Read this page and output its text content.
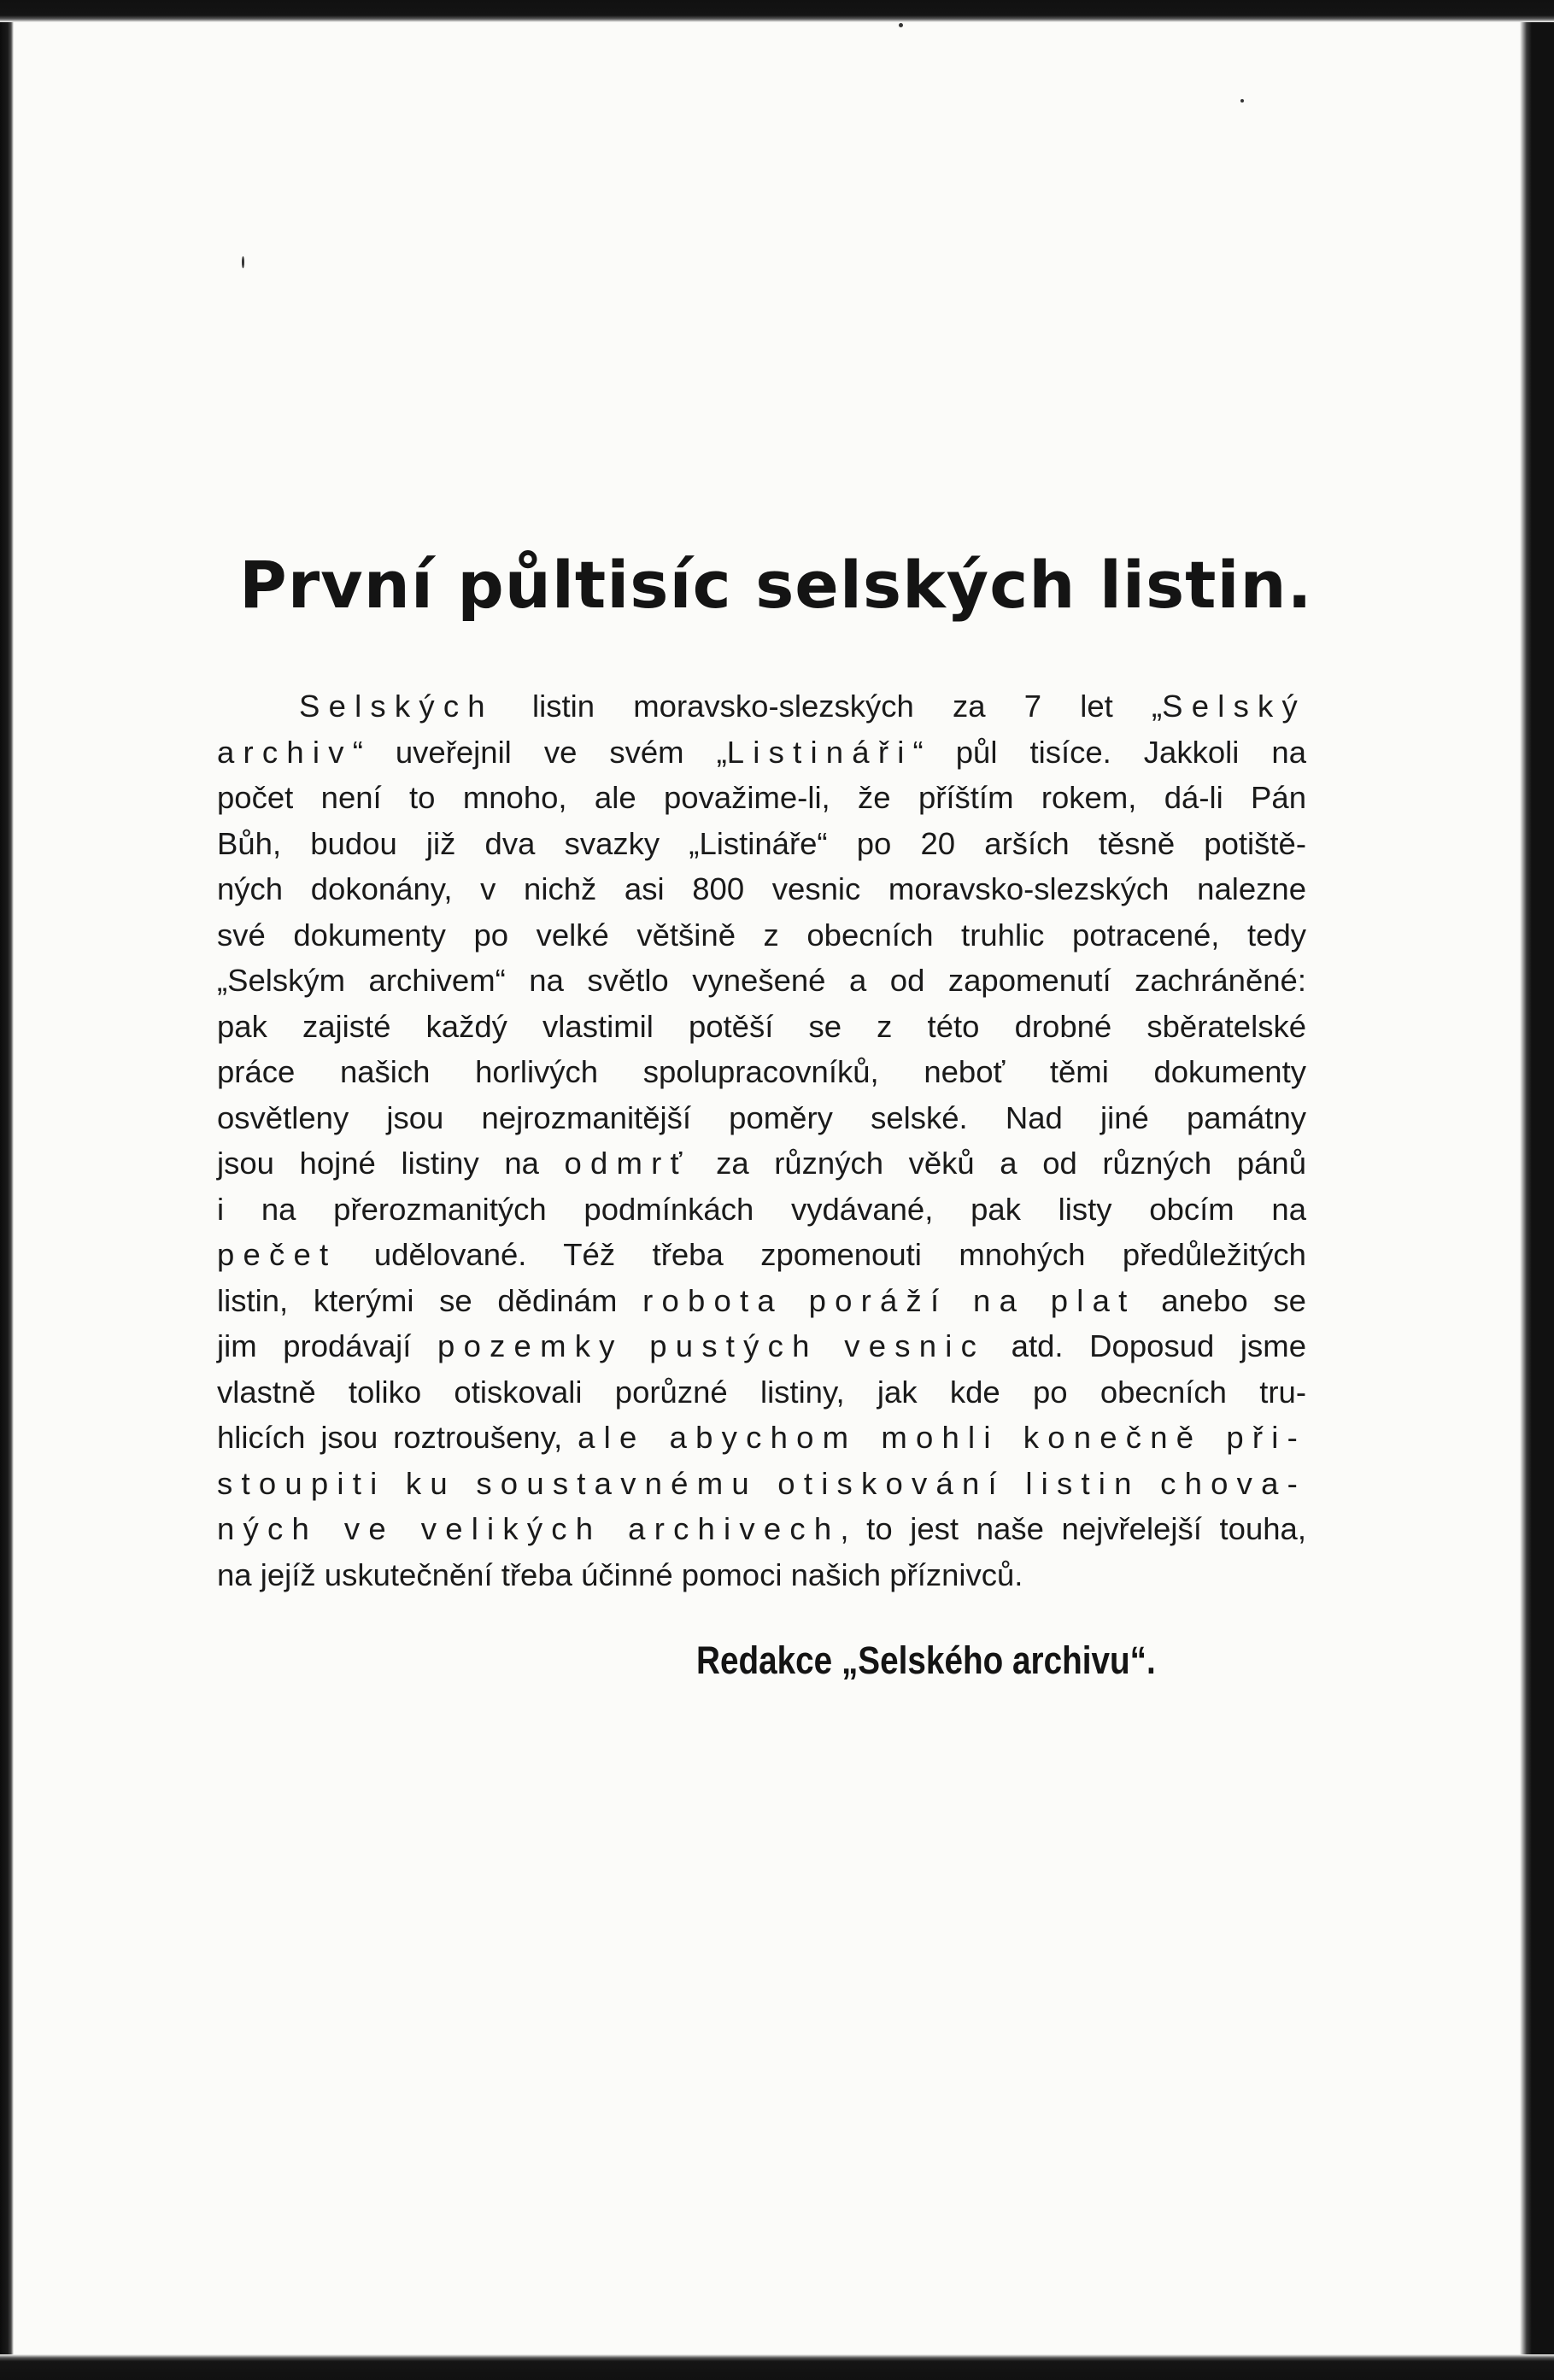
První půltisíc selských listin.
Selských listin moravsko-slezských za 7 let „Selský
archiv“ uveřejnil ve svém „Listináři“ půl tisíce. Jakkoli na
počet není to mnoho, ale považime-li, že příštím rokem, dá-li Pán
Bůh, budou již dva svazky „Listináře“ po 20 arších těsně potiště-
ných dokonány, v nichž asi 800 vesnic moravsko-slezských nalezne
své dokumenty po velké většině z obecních truhlic potracené, tedy
„Selským archivem“ na světlo vynešené a od zapomenutí zachráněné:
pak zajisté každý vlastimil potěší se z této drobné sběratelské
práce našich horlivých spolupracovníků, neboť těmi dokumenty
osvětleny jsou nejrozmanitější poměry selské. Nad jiné památny
jsou hojné listiny na odmrť za různých věků a od různých pánů
i na přerozmanitých podmínkách vydávané, pak listy obcím na
pečet udělované. Též třeba zpomenouti mnohých předůležitých
listin, kterými se dědinám robota poráží na plat anebo se
jim prodávají pozemky pustých vesnic atd. Doposud jsme
vlastně toliko otiskovali porůzné listiny, jak kde po obecních tru-
hlicích jsou roztroušeny, ale abychom mohli konečně při-
stoupiti ku soustavnému otiskování listin chova-
ných ve velikých archivech, to jest naše nejvřelejší touha,
na jejíž uskutečnění třeba účinné pomoci našich příznivců.

Redakce „Selského archivu“.
